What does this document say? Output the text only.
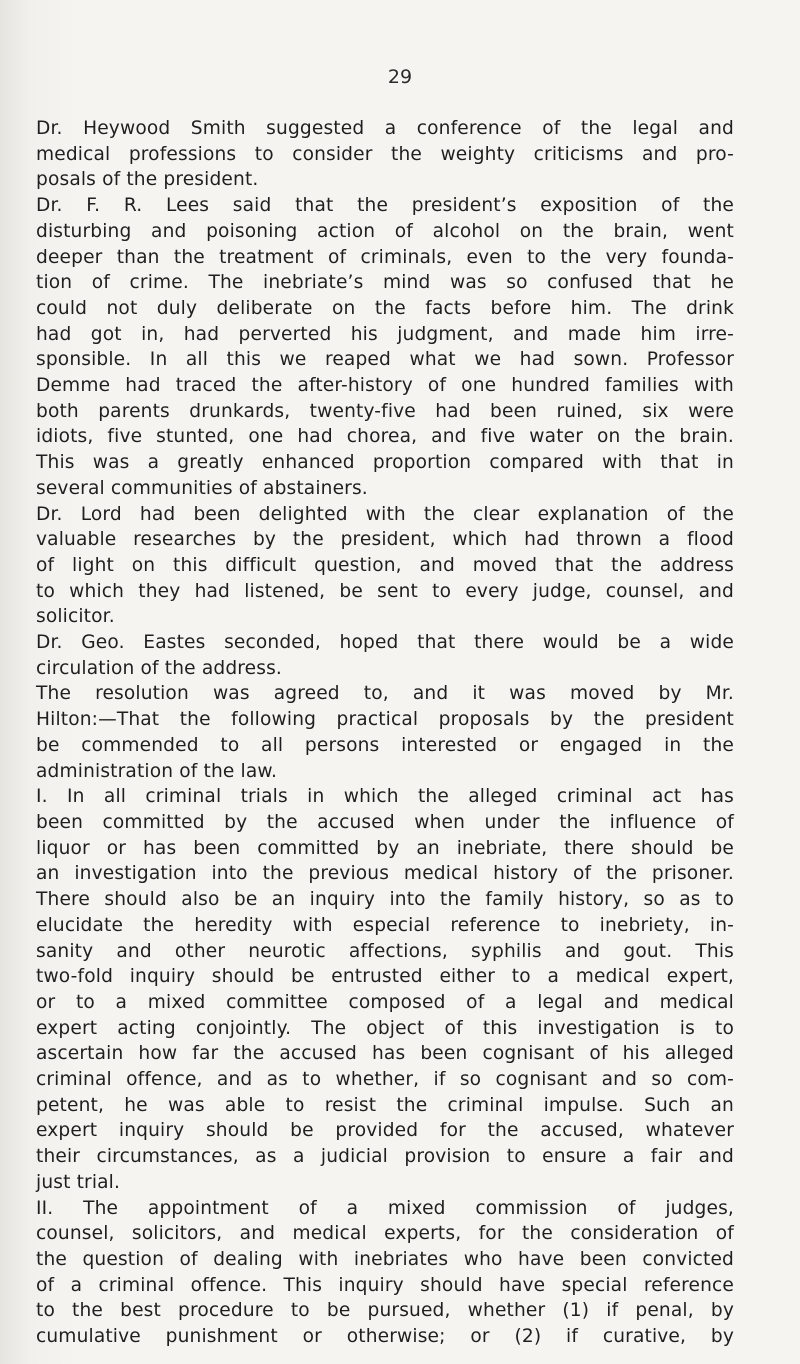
29
Dr. Heywood Smith suggested a conference of the legal and
medical professions to consider the weighty criticisms and pro-
posals of the president.
Dr. F. R. Lees said that the president’s exposition of the
disturbing and poisoning action of alcohol on the brain, went
deeper than the treatment of criminals, even to the very founda-
tion of crime. The inebriate’s mind was so confused that he
could not duly deliberate on the facts before him. The drink
had got in, had perverted his judgment, and made him irre-
sponsible. In all this we reaped what we had sown. Professor
Demme had traced the after-history of one hundred families with
both parents drunkards, twenty-five had been ruined, six were
idiots, five stunted, one had chorea, and five water on the brain.
This was a greatly enhanced proportion compared with that in
several communities of abstainers.
Dr. Lord had been delighted with the clear explanation of the
valuable researches by the president, which had thrown a flood
of light on this difficult question, and moved that the address
to which they had listened, be sent to every judge, counsel, and
solicitor.
Dr. Geo. Eastes seconded, hoped that there would be a wide
circulation of the address.
The resolution was agreed to, and it was moved by Mr.
Hilton:—That the following practical proposals by the president
be commended to all persons interested or engaged in the
administration of the law.
I. In all criminal trials in which the alleged criminal act has
been committed by the accused when under the influence of
liquor or has been committed by an inebriate, there should be
an investigation into the previous medical history of the prisoner.
There should also be an inquiry into the family history, so as to
elucidate the heredity with especial reference to inebriety, in-
sanity and other neurotic affections, syphilis and gout. This
two-fold inquiry should be entrusted either to a medical expert,
or to a mixed committee composed of a legal and medical
expert acting conjointly. The object of this investigation is to
ascertain how far the accused has been cognisant of his alleged
criminal offence, and as to whether, if so cognisant and so com-
petent, he was able to resist the criminal impulse. Such an
expert inquiry should be provided for the accused, whatever
their circumstances, as a judicial provision to ensure a fair and
just trial.
II. The appointment of a mixed commission of judges,
counsel, solicitors, and medical experts, for the consideration of
the question of dealing with inebriates who have been convicted
of a criminal offence. This inquiry should have special reference
to the best procedure to be pursued, whether (1) if penal, by
cumulative punishment or otherwise; or (2) if curative, by
